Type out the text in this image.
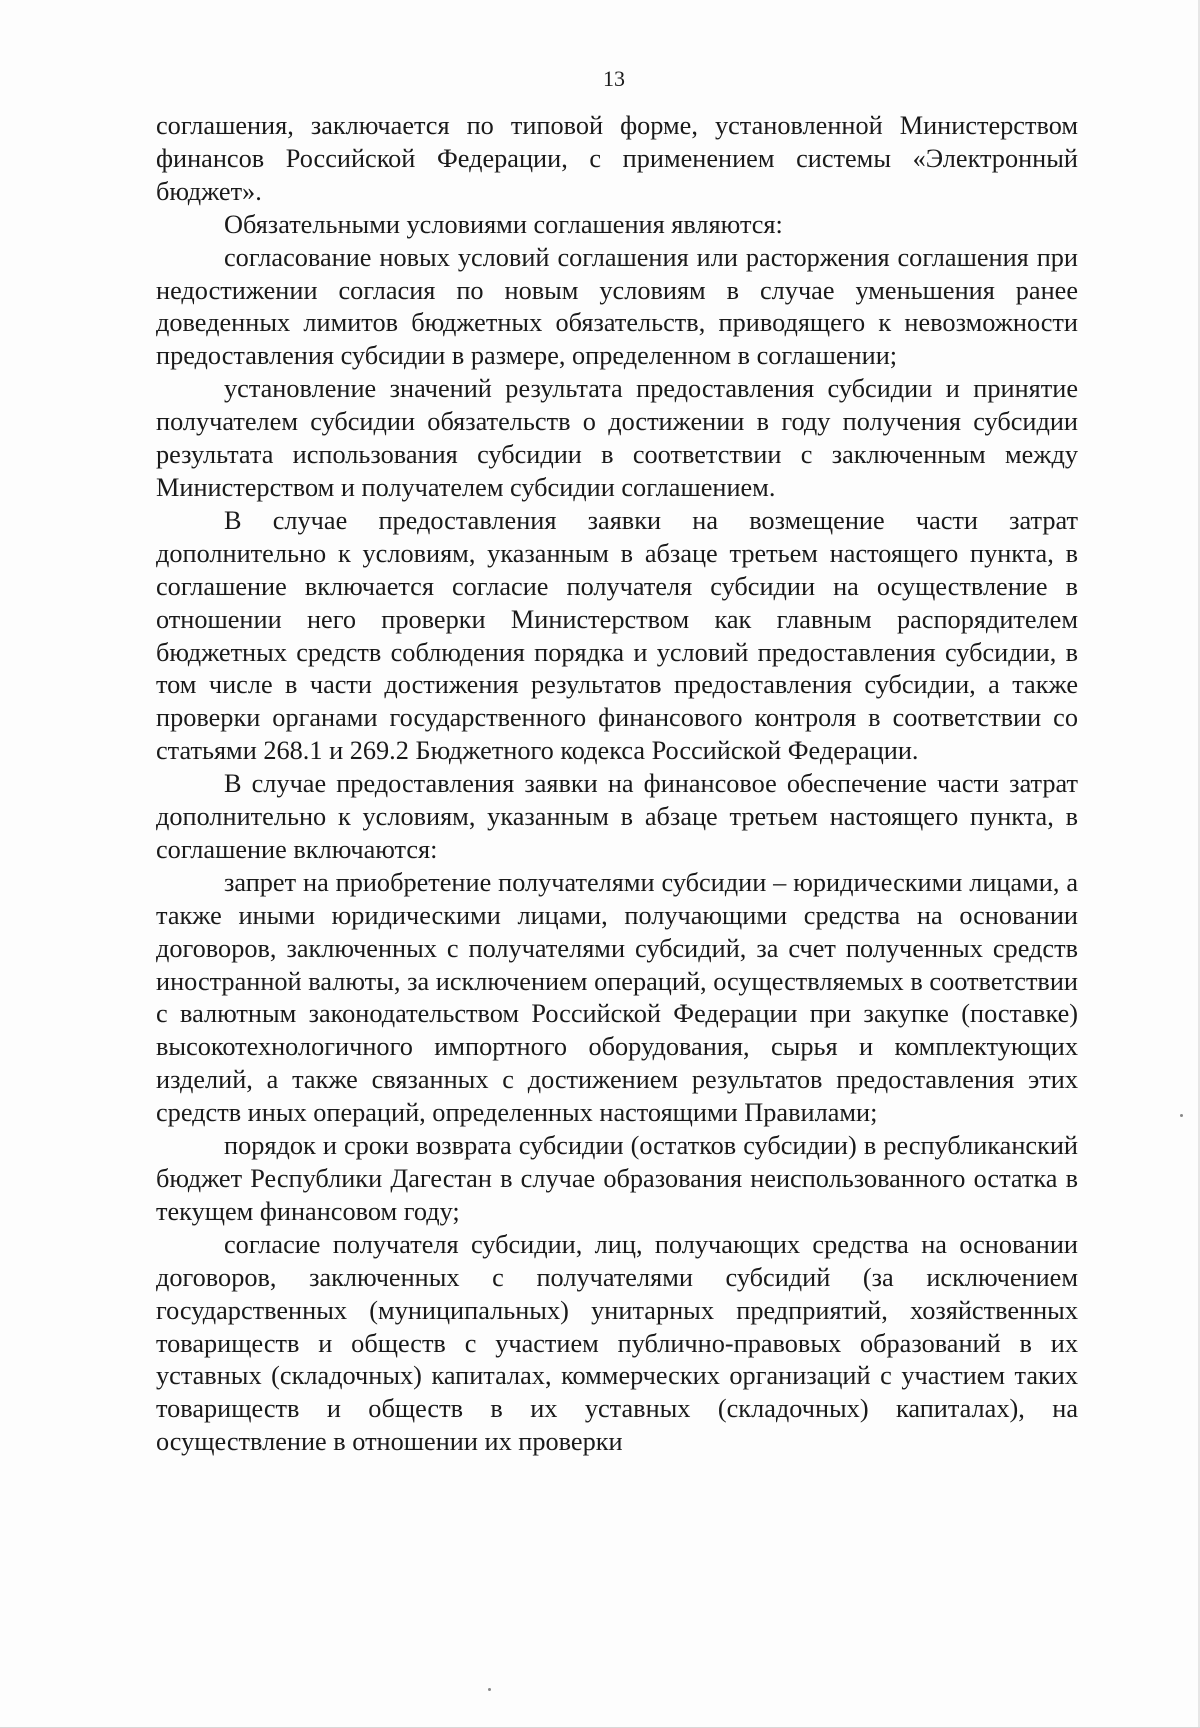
13

соглашения, заключается по типовой форме, установленной Министерством финансов Российской Федерации, с применением системы «Электронный бюджет».

Обязательными условиями соглашения являются:

согласование новых условий соглашения или расторжения соглашения при недостижении согласия по новым условиям в случае уменьшения ранее доведенных лимитов бюджетных обязательств, приводящего к невозможности предоставления субсидии в размере, определенном в соглашении;

установление значений результата предоставления субсидии и принятие получателем субсидии обязательств о достижении в году получения субсидии результата использования субсидии в соответствии с заключенным между Министерством и получателем субсидии соглашением.

В случае предоставления заявки на возмещение части затрат дополнительно к условиям, указанным в абзаце третьем настоящего пункта, в соглашение включается согласие получателя субсидии на осуществление в отношении него проверки Министерством как главным распорядителем бюджетных средств соблюдения порядка и условий предоставления субсидии, в том числе в части достижения результатов предоставления субсидии, а также проверки органами государственного финансового контроля в соответствии со статьями 268.1 и 269.2 Бюджетного кодекса Российской Федерации.

В случае предоставления заявки на финансовое обеспечение части затрат дополнительно к условиям, указанным в абзаце третьем настоящего пункта, в соглашение включаются:

запрет на приобретение получателями субсидии – юридическими лицами, а также иными юридическими лицами, получающими средства на основании договоров, заключенных с получателями субсидий, за счет полученных средств иностранной валюты, за исключением операций, осуществляемых в соответствии с валютным законодательством Российской Федерации при закупке (поставке) высокотехнологичного импортного оборудования, сырья и комплектующих изделий, а также связанных с достижением результатов предоставления этих средств иных операций, определенных настоящими Правилами;

порядок и сроки возврата субсидии (остатков субсидии) в республиканский бюджет Республики Дагестан в случае образования неиспользованного остатка в текущем финансовом году;

согласие получателя субсидии, лиц, получающих средства на основании договоров, заключенных с получателями субсидий (за исключением государственных (муниципальных) унитарных предприятий, хозяйственных товариществ и обществ с участием публично-правовых образований в их уставных (складочных) капиталах, коммерческих организаций с участием таких товариществ и обществ в их уставных (складочных) капиталах), на осуществление в отношении их проверки
